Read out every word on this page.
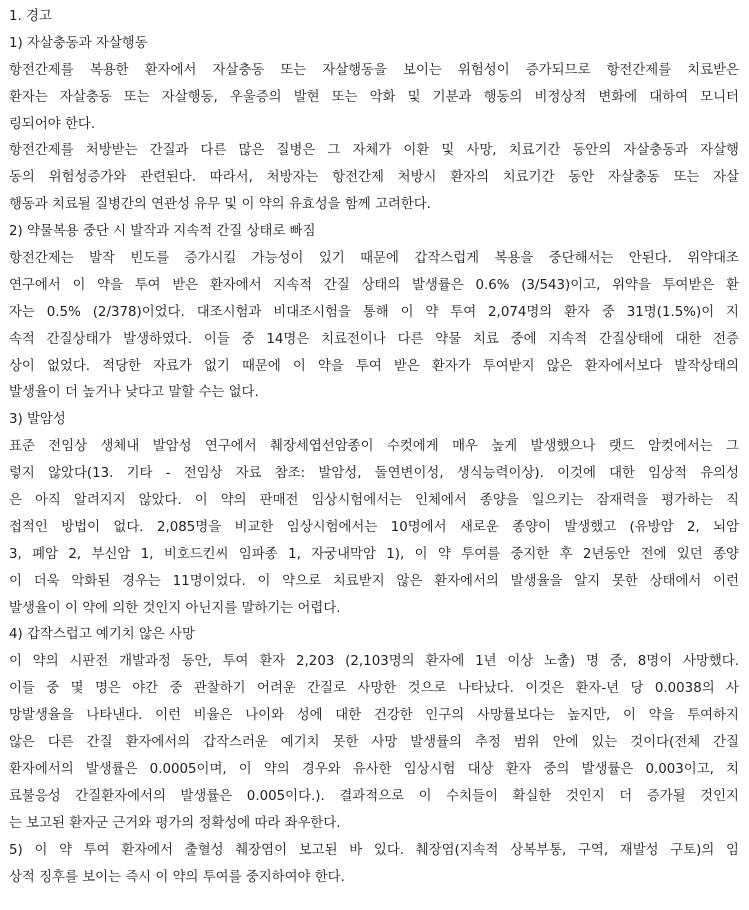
1. 경고
1) 자살충동과 자살행동
항전간제를 복용한 환자에서 자살충동 또는 자살행동을 보이는 위험성이 증가되므로 항전간제를 치료받은
환자는 자살충동 또는 자살행동, 우울증의 발현 또는 악화 및 기분과 행동의 비정상적 변화에 대하여 모니터
링되어야 한다.
항전간제를 처방받는 간질과 다른 많은 질병은 그 자체가 이환 및 사망, 치료기간 동안의 자살충동과 자살행
동의 위험성증가와 관련된다. 따라서, 처방자는 항전간제 처방시 환자의 치료기간 동안 자살충동 또는 자살
행동과 치료될 질병간의 연관성 유무 및 이 약의 유효성을 함께 고려한다.
2) 약물복용 중단 시 발작과 지속적 간질 상태로 빠짐
항전간제는 발작 빈도를 증가시킬 가능성이 있기 때문에 갑작스럽게 복용을 중단해서는 안된다. 위약대조
연구에서 이 약을 투여 받은 환자에서 지속적 간질 상태의 발생률은 0.6% (3/543)이고, 위약을 투여받은 환
자는 0.5% (2/378)이었다. 대조시험과 비대조시험을 통해 이 약 투여 2,074명의 환자 중 31명(1.5%)이 지
속적 간질상태가 발생하였다. 이들 중 14명은 치료전이나 다른 약물 치료 중에 지속적 간질상태에 대한 전증
상이 없었다. 적당한 자료가 없기 때문에 이 약을 투여 받은 환자가 투여받지 않은 환자에서보다 발작상태의
발생율이 더 높거나 낮다고 말할 수는 없다.
3) 발암성
표준 전임상 생체내 발암성 연구에서 췌장세엽선암종이 수컷에게 매우 높게 발생했으나 랫드 암컷에서는 그
렇지 않았다(13. 기타 - 전임상 자료 참조: 발암성, 돌연변이성, 생식능력이상). 이것에 대한 임상적 유의성
은 아직 알려지지 않았다. 이 약의 판매전 임상시험에서는 인체에서 종양을 일으키는 잠재력을 평가하는 직
접적인 방법이 없다. 2,085명을 비교한 임상시험에서는 10명에서 새로운 종양이 발생했고 (유방암 2, 뇌암
3, 폐암 2, 부신암 1, 비호드킨씨 임파종 1, 자궁내막암 1), 이 약 투여를 중지한 후 2년동안 전에 있던 종양
이 더욱 악화된 경우는 11명이었다. 이 약으로 치료받지 않은 환자에서의 발생율을 알지 못한 상태에서 이런
발생율이 이 약에 의한 것인지 아닌지를 말하기는 어렵다.
4) 갑작스럽고 예기치 않은 사망
이 약의 시판전 개발과정 동안, 투여 환자 2,203 (2,103명의 환자에 1년 이상 노출) 명 중, 8명이 사망했다.
이들 중 몇 명은 야간 중 관찰하기 어려운 간질로 사망한 것으로 나타났다. 이것은 환자-년 당 0.0038의 사
망발생율을 나타낸다. 이런 비율은 나이와 성에 대한 건강한 인구의 사망률보다는 높지만, 이 약을 투여하지
않은 다른 간질 환자에서의 갑작스러운 예기치 못한 사망 발생률의 추정 범위 안에 있는 것이다(전체 간질
환자에서의 발생률은 0.0005이며, 이 약의 경우와 유사한 임상시험 대상 환자 중의 발생률은 0.003이고, 치
료불응성 간질환자에서의 발생률은 0.005이다.). 결과적으로 이 수치들이 확실한 것인지 더 증가될 것인지
는 보고된 환자군 근거와 평가의 정확성에 따라 좌우한다.
5) 이 약 투여 환자에서 출혈성 췌장염이 보고된 바 있다. 췌장염(지속적 상복부통, 구역, 재발성 구토)의 임
상적 징후를 보이는 즉시 이 약의 투여를 중지하여야 한다.
